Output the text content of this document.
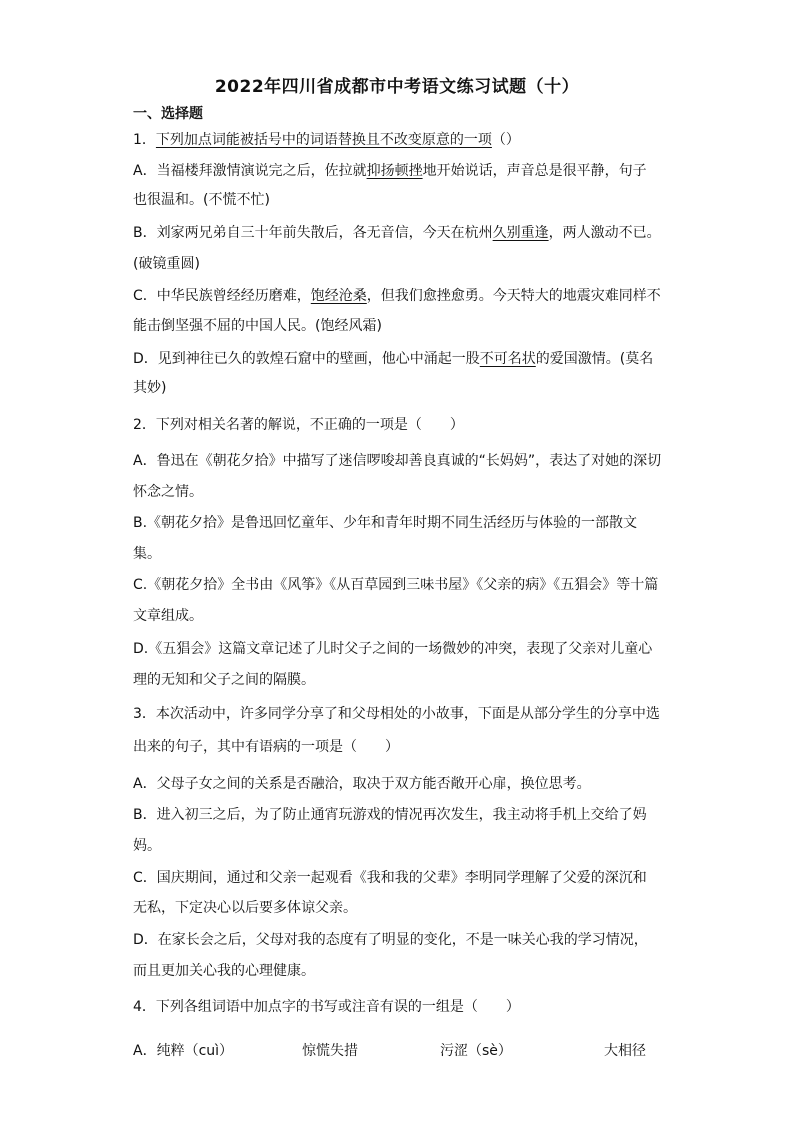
2022年四川省成都市中考语文练习试题（十）
一、选择题
1．下列加点词能被括号中的词语替换且不改变原意的一项（）
A．当福楼拜激情演说完之后，佐拉就抑扬顿挫地开始说话，声音总是很平静，句子
也很温和。(不慌不忙)
B．刘家两兄弟自三十年前失散后，各无音信，今天在杭州久别重逢，两人激动不已。
(破镜重圆)
C．中华民族曾经经历磨难，饱经沧桑，但我们愈挫愈勇。今天特大的地震灾难同样不
能击倒坚强不屈的中国人民。(饱经风霜)
D．见到神往已久的敦煌石窟中的壁画，他心中涌起一股不可名状的爱国激情。(莫名
其妙)
2．下列对相关名著的解说，不正确的一项是（　　）
A．鲁迅在《朝花夕拾》中描写了迷信啰唆却善良真诚的“长妈妈”，表达了对她的深切
怀念之情。
B.《朝花夕拾》是鲁迅回忆童年、少年和青年时期不同生活经历与体验的一部散文
集。
C.《朝花夕拾》全书由《风筝》《从百草园到三味书屋》《父亲的病》《五猖会》等十篇
文章组成。
D.《五猖会》这篇文章记述了儿时父子之间的一场微妙的冲突，表现了父亲对儿童心
理的无知和父子之间的隔膜。
3．本次活动中，许多同学分享了和父母相处的小故事，下面是从部分学生的分享中选
出来的句子，其中有语病的一项是（　　）
A．父母子女之间的关系是否融洽，取决于双方能否敞开心扉，换位思考。
B．进入初三之后，为了防止通宵玩游戏的情况再次发生，我主动将手机上交给了妈
妈。
C．国庆期间，通过和父亲一起观看《我和我的父辈》李明同学理解了父爱的深沉和
无私，下定决心以后要多体谅父亲。
D．在家长会之后，父母对我的态度有了明显的变化，不是一味关心我的学习情况，
而且更加关心我的心理健康。
4．下列各组词语中加点字的书写或注音有误的一组是（　　）
A．纯粹（cuì）	惊慌失措	污涩（sè）	大相径
